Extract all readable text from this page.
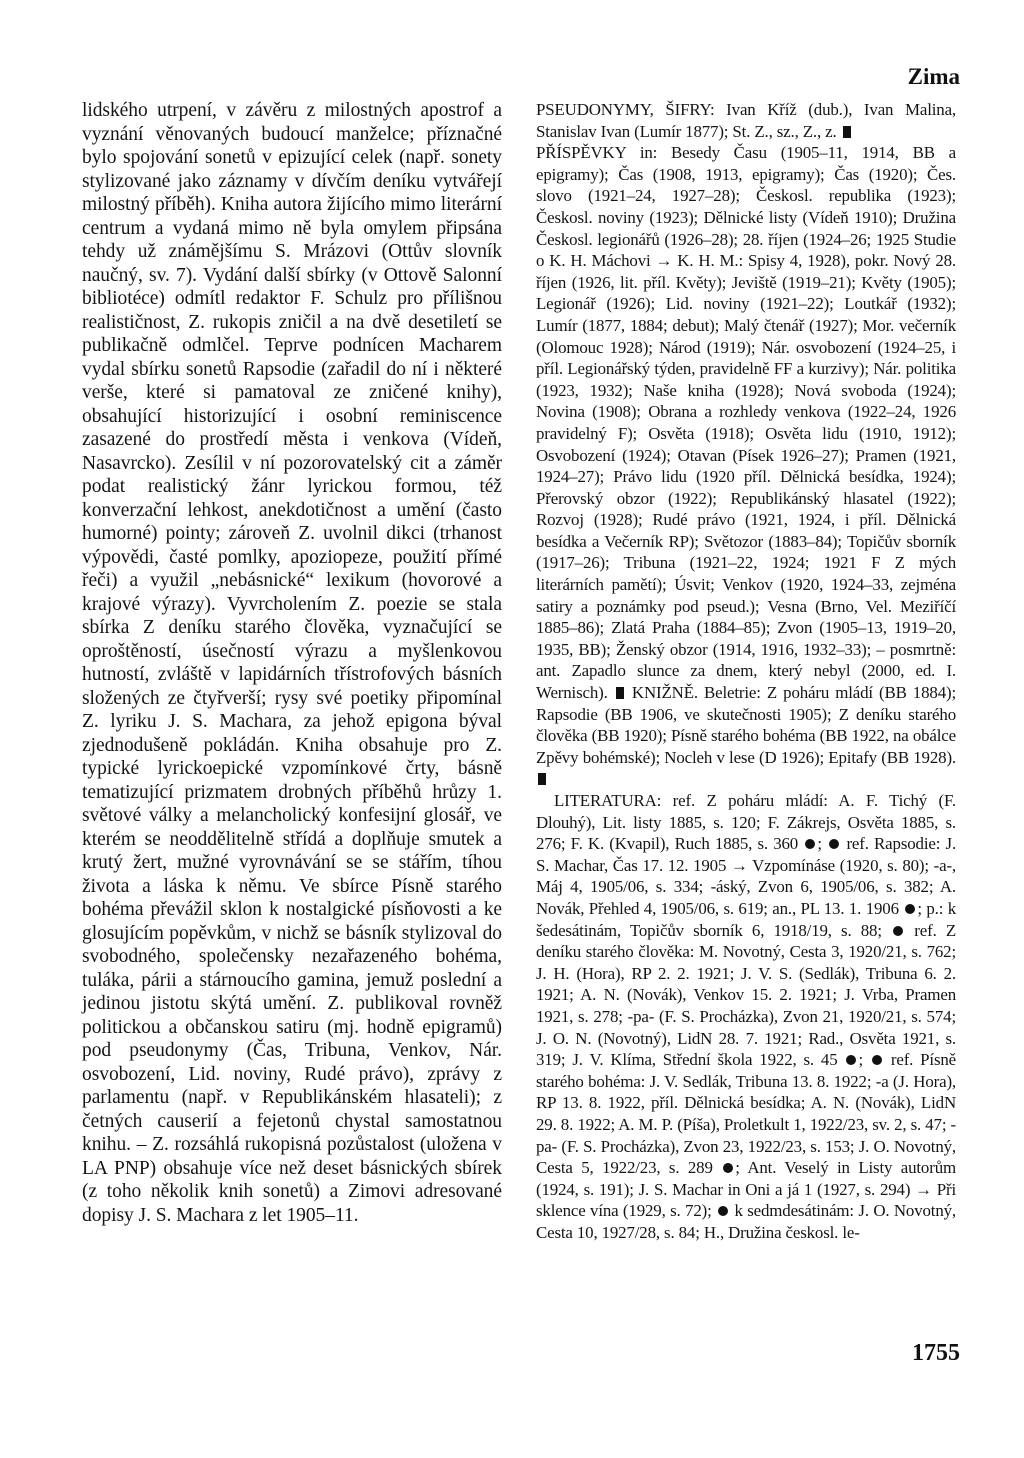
Zima

lidského utrpení, v závěru z milostných apostrof a vyznání věnovaných budoucí manželce; příznačné bylo spojování sonetů v epizující celek (např. sonety stylizované jako záznamy v dívčím deníku vytvářejí milostný příběh). Kniha autora žijícího mimo literární centrum a vydaná mimo ně byla omylem připsána tehdy už známějšímu S. Mrázovi (Ottův slovník naučný, sv. 7). Vydání další sbírky (v Ottově Salonní bibliotéce) odmítl redaktor F. Schulz pro přílišnou realističnost, Z. rukopis zničil a na dvě desetiletí se publikačně odmlčel. Teprve podnícen Macharem vydal sbírku sonetů Rapsodie (zařadil do ní i některé verše, které si pamatoval ze zničené knihy), obsahující historizující i osobní reminiscence zasazené do prostředí města i venkova (Vídeň, Nasavrcko). Zesílil v ní pozorovatelský cit a záměr podat realistický žánr lyrickou formou, též konverzační lehkost, anekdotičnost a umění (často humorné) pointy; zároveň Z. uvolnil dikci (trhanost výpovědi, časté pomlky, apoziopeze, použití přímé řeči) a využil „nebásnické“ lexikum (hovorové a krajové výrazy). Vyvrcholením Z. poezie se stala sbírka Z deníku starého člověka, vyznačující se oproštěností, úsečností výrazu a myšlenkovou hutností, zvláště v lapidárních třístrofových básních složených ze čtyřverší; rysy své poetiky připomínal Z. lyriku J. S. Machara, za jehož epigona býval zjednodušeně pokládán. Kniha obsahuje pro Z. typické lyrickoepické vzpomínkové črty, básně tematizující prizmatem drobných příběhů hrůzy 1. světové války a melancholický konfesijní glosář, ve kterém se neoddělitelně střídá a doplňuje smutek a krutý žert, mužné vyrovnávání se se stářím, tíhou života a láska k němu. Ve sbírce Písně starého bohéma převážil sklon k nostalgické písňovosti a ke glosujícím popěvkům, v nichž se básník stylizoval do svobodného, společensky nezařazeného bohéma, tuláka, párii a stárnoucího gamina, jemuž poslední a jedinou jistotu skýtá umění. Z. publikoval rovněž politickou a občanskou satiru (mj. hodně epigramů) pod pseudonymy (Čas, Tribuna, Venkov, Nár. osvobození, Lid. noviny, Rudé právo), zprávy z parlamentu (např. v Republikánském hlasateli); z četných causerií a fejetonů chystal samostatnou knihu. – Z. rozsáhlá rukopisná pozůstalost (uložena v LA PNP) obsahuje více než deset básnických sbírek (z toho několik knih sonetů) a Zimovi adresované dopisy J. S. Machara z let 1905–11.

PSEUDONYMY, ŠIFRY: Ivan Kříž (dub.), Ivan Malina, Stanislav Ivan (Lumír 1877); St. Z., sz., Z., z.

PŘÍSPĚVKY in: Besedy Času (1905–11, 1914, BB a epigramy); Čas (1908, 1913, epigramy); Čas (1920); Čes. slovo (1921–24, 1927–28); Českosl. republika (1923); Českosl. noviny (1923); Dělnické listy (Vídeň 1910); Družina Českosl. legionářů (1926–28); 28. říjen (1924–26; 1925 Studie o K. H. Máchovi → K. H. M.: Spisy 4, 1928), pokr. Nový 28. říjen (1926, lit. příl. Květy); Jeviště (1919–21); Květy (1905); Legionář (1926); Lid. noviny (1921–22); Loutkář (1932); Lumír (1877, 1884; debut); Malý čtenář (1927); Mor. večerník (Olomouc 1928); Národ (1919); Nár. osvobození (1924–25, i příl. Legionářský týden, pravidelně FF a kurzivy); Nár. politika (1923, 1932); Naše kniha (1928); Nová svoboda (1924); Novina (1908); Obrana a rozhledy venkova (1922–24, 1926 pravidelný F); Osvěta (1918); Osvěta lidu (1910, 1912); Osvobození (1924); Otavan (Písek 1926–27); Pramen (1921, 1924–27); Právo lidu (1920 příl. Dělnická besídka, 1924); Přerovský obzor (1922); Republikánský hlasatel (1922); Rozvoj (1928); Rudé právo (1921, 1924, i příl. Dělnická besídka a Večerník RP); Světozor (1883–84); Topičův sborník (1917–26); Tribuna (1921–22, 1924; 1921 F Z mých literárních pamětí); Úsvit; Venkov (1920, 1924–33, zejména satiry a poznámky pod pseud.); Vesna (Brno, Vel. Meziříčí 1885–86); Zlatá Praha (1884–85); Zvon (1905–13, 1919–20, 1935, BB); Ženský obzor (1914, 1916, 1932–33); – posmrtně: ant. Zapadlo slunce za dnem, který nebyl (2000, ed. I. Wernisch). KNIŽNĚ. Beletrie: Z poháru mládí (BB 1884); Rapsodie (BB 1906, ve skutečnosti 1905); Z deníku starého člověka (BB 1920); Písně starého bohéma (BB 1922, na obálce Zpěvy bohémské); Nocleh v lese (D 1926); Epitafy (BB 1928).

LITERATURA: ref. Z poháru mládí: A. F. Tichý (F. Dlouhý), Lit. listy 1885, s. 120; F. Zákrejs, Osvěta 1885, s. 276; F. K. (Kvapil), Ruch 1885, s. 360 ;  ref. Rapsodie: J. S. Machar, Čas 17. 12. 1905 → Vzpomínáse (1920, s. 80); -a-, Máj 4, 1905/06, s. 334; -áský, Zvon 6, 1905/06, s. 382; A. Novák, Přehled 4, 1905/06, s. 619; an., PL 13. 1. 1906 ; p.: k šedesátinám, Topičův sborník 6, 1918/19, s. 88; ref. Z deníku starého člověka: M. Novotný, Cesta 3, 1920/21, s. 762; J. H. (Hora), RP 2. 2. 1921; J. V. S. (Sedlák), Tribuna 6. 2. 1921; A. N. (Novák), Venkov 15. 2. 1921; J. Vrba, Pramen 1921, s. 278; -pa- (F. S. Procházka), Zvon 21, 1920/21, s. 574; J. O. N. (Novotný), LidN 28. 7. 1921; Rad., Osvěta 1921, s. 319; J. V. Klíma, Střední škola 1922, s. 45 ;  ref. Písně starého bohéma: J. V. Sedlák, Tribuna 13. 8. 1922; -a (J. Hora), RP 13. 8. 1922, příl. Dělnická besídka; A. N. (Novák), LidN 29. 8. 1922; A. M. P. (Píša), Proletkult 1, 1922/23, sv. 2, s. 47; -pa- (F. S. Procházka), Zvon 23, 1922/23, s. 153; J. O. Novotný, Cesta 5, 1922/23, s. 289 ; Ant. Veselý in Listy autorům (1924, s. 191); J. S. Machar in Oni a já 1 (1927, s. 294) → Při sklence vína (1929, s. 72); k sedmdesátinám: J. O. Novotný, Cesta 10, 1927/28, s. 84; H., Družina českosl. le-

1755
